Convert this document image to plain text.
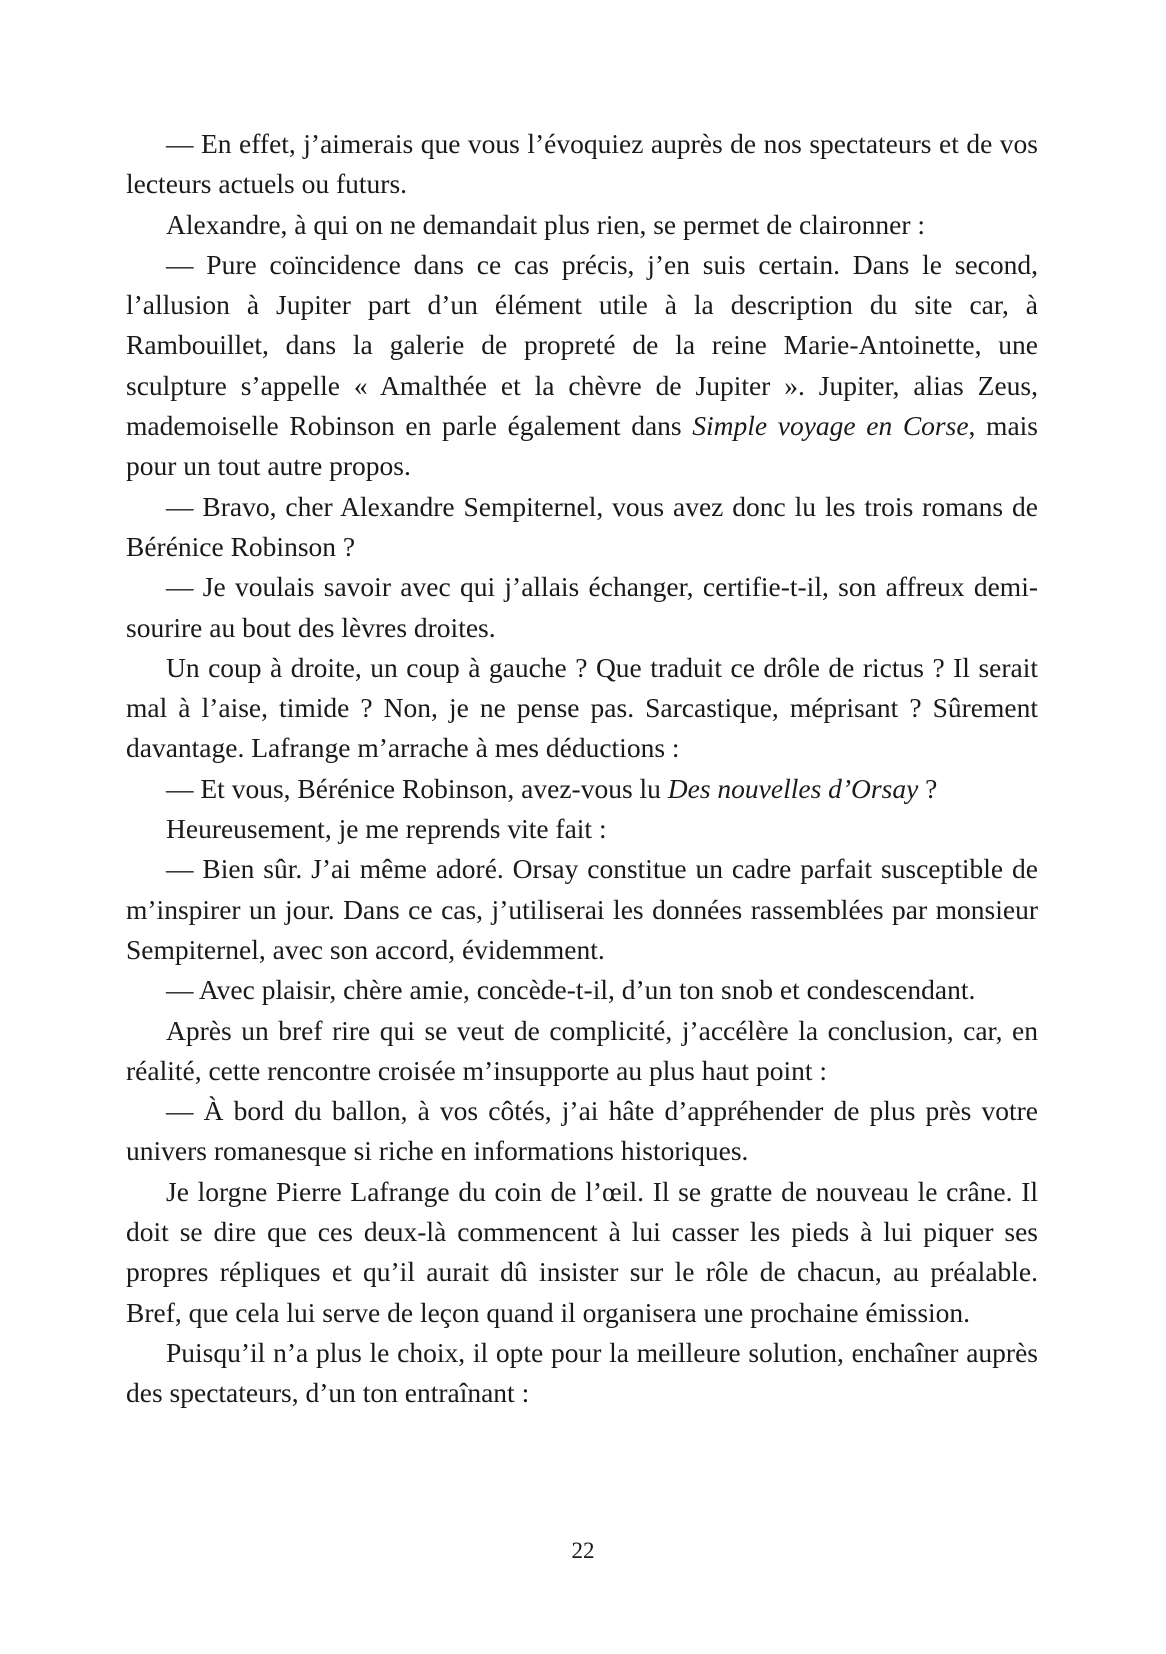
— En effet, j’aimerais que vous l’évoquiez auprès de nos spectateurs et de vos lecteurs actuels ou futurs.

Alexandre, à qui on ne demandait plus rien, se permet de claironner :

— Pure coïncidence dans ce cas précis, j’en suis certain. Dans le second, l’allusion à Jupiter part d’un élément utile à la description du site car, à Rambouillet, dans la galerie de propreté de la reine Marie-Antoinette, une sculpture s’appelle « Amalthée et la chèvre de Jupiter ». Jupiter, alias Zeus, mademoiselle Robinson en parle également dans Simple voyage en Corse, mais pour un tout autre propos.

— Bravo, cher Alexandre Sempiternel, vous avez donc lu les trois romans de Bérénice Robinson ?

— Je voulais savoir avec qui j’allais échanger, certifie-t-il, son affreux demi-sourire au bout des lèvres droites.

Un coup à droite, un coup à gauche ? Que traduit ce drôle de rictus ? Il serait mal à l’aise, timide ? Non, je ne pense pas. Sarcastique, méprisant ? Sûrement davantage. Lafrange m’arrache à mes déductions :

— Et vous, Bérénice Robinson, avez-vous lu Des nouvelles d’Orsay ?

Heureusement, je me reprends vite fait :

— Bien sûr. J’ai même adoré. Orsay constitue un cadre parfait susceptible de m’inspirer un jour. Dans ce cas, j’utiliserai les données rassemblées par monsieur Sempiternel, avec son accord, évidemment.

— Avec plaisir, chère amie, concède-t-il, d’un ton snob et condescendant.

Après un bref rire qui se veut de complicité, j’accélère la conclusion, car, en réalité, cette rencontre croisée m’insupporte au plus haut point :

— À bord du ballon, à vos côtés, j’ai hâte d’appréhender de plus près votre univers romanesque si riche en informations historiques.

Je lorgne Pierre Lafrange du coin de l’œil. Il se gratte de nouveau le crâne. Il doit se dire que ces deux-là commencent à lui casser les pieds à lui piquer ses propres répliques et qu’il aurait dû insister sur le rôle de chacun, au préalable. Bref, que cela lui serve de leçon quand il organisera une prochaine émission.

Puisqu’il n’a plus le choix, il opte pour la meilleure solution, enchaîner auprès des spectateurs, d’un ton entraînant :

22
